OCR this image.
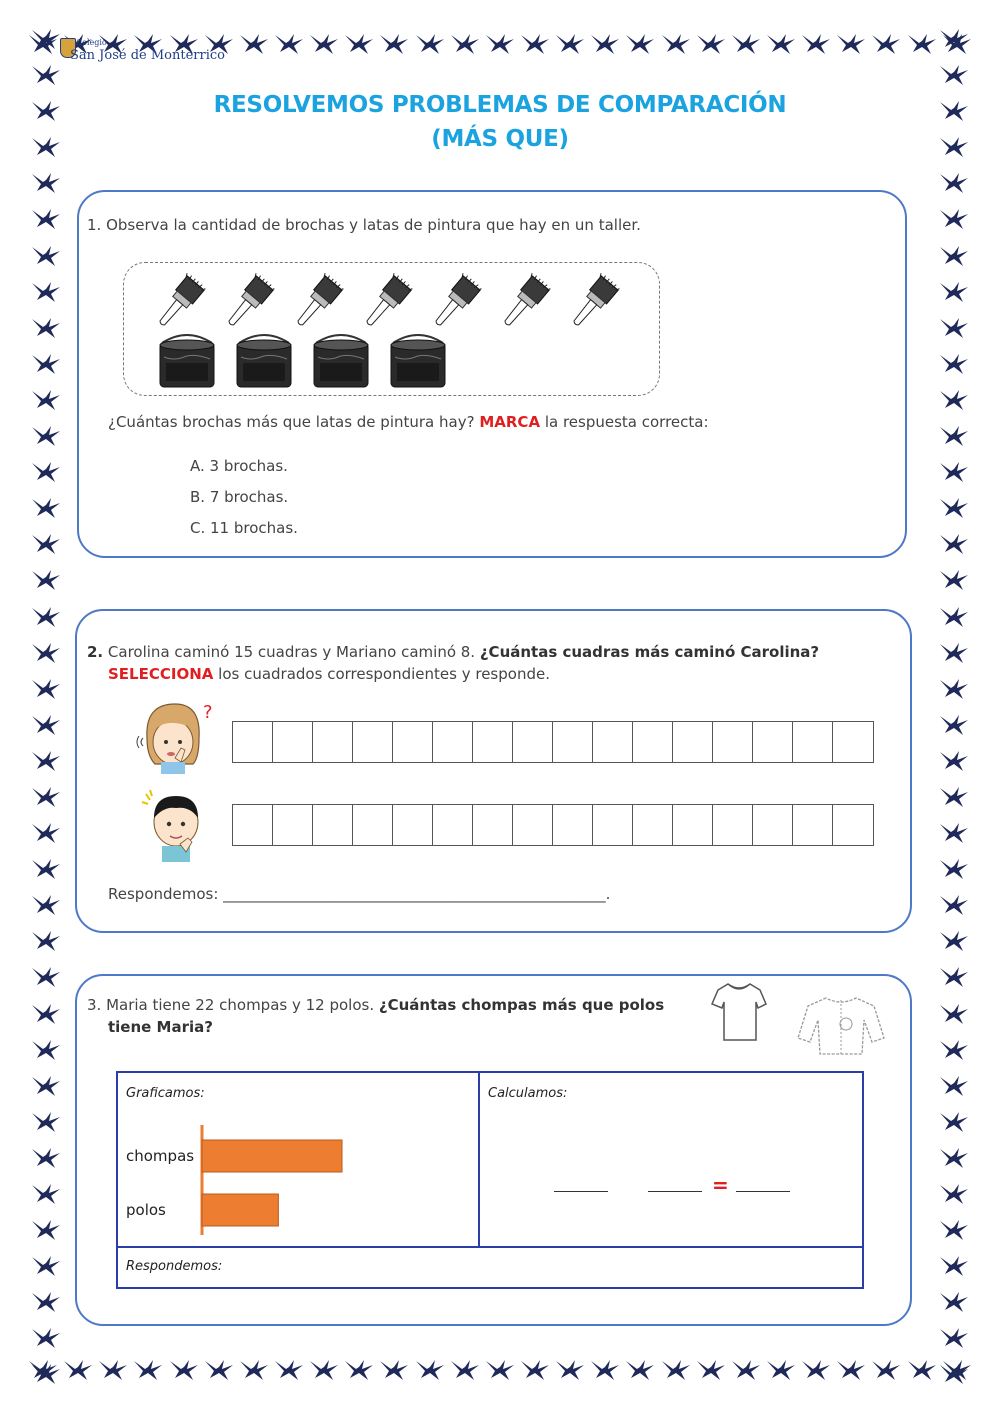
Colegio
San José de Monterrico
RESOLVEMOS PROBLEMAS DE COMPARACIÓN
(MÁS QUE)
1. Observa la cantidad de brochas y latas de pintura que hay en un taller.
¿Cuántas brochas más que latas de pintura hay? MARCA la respuesta correcta:
A. 3 brochas.
B. 7 brochas.
C. 11 brochas.
2. Carolina caminó 15 cuadras y Mariano caminó 8. ¿Cuántas cuadras más caminó Carolina?
SELECCIONA los cuadrados correspondientes y responde.
?
Respondemos: ___________________________________________________.
3. Maria tiene 22 chompas y 12 polos. ¿Cuántas chompas más que polos
tiene Maria?
Graficamos:	Calculamos:
Respondemos:
chompas
polos
=
